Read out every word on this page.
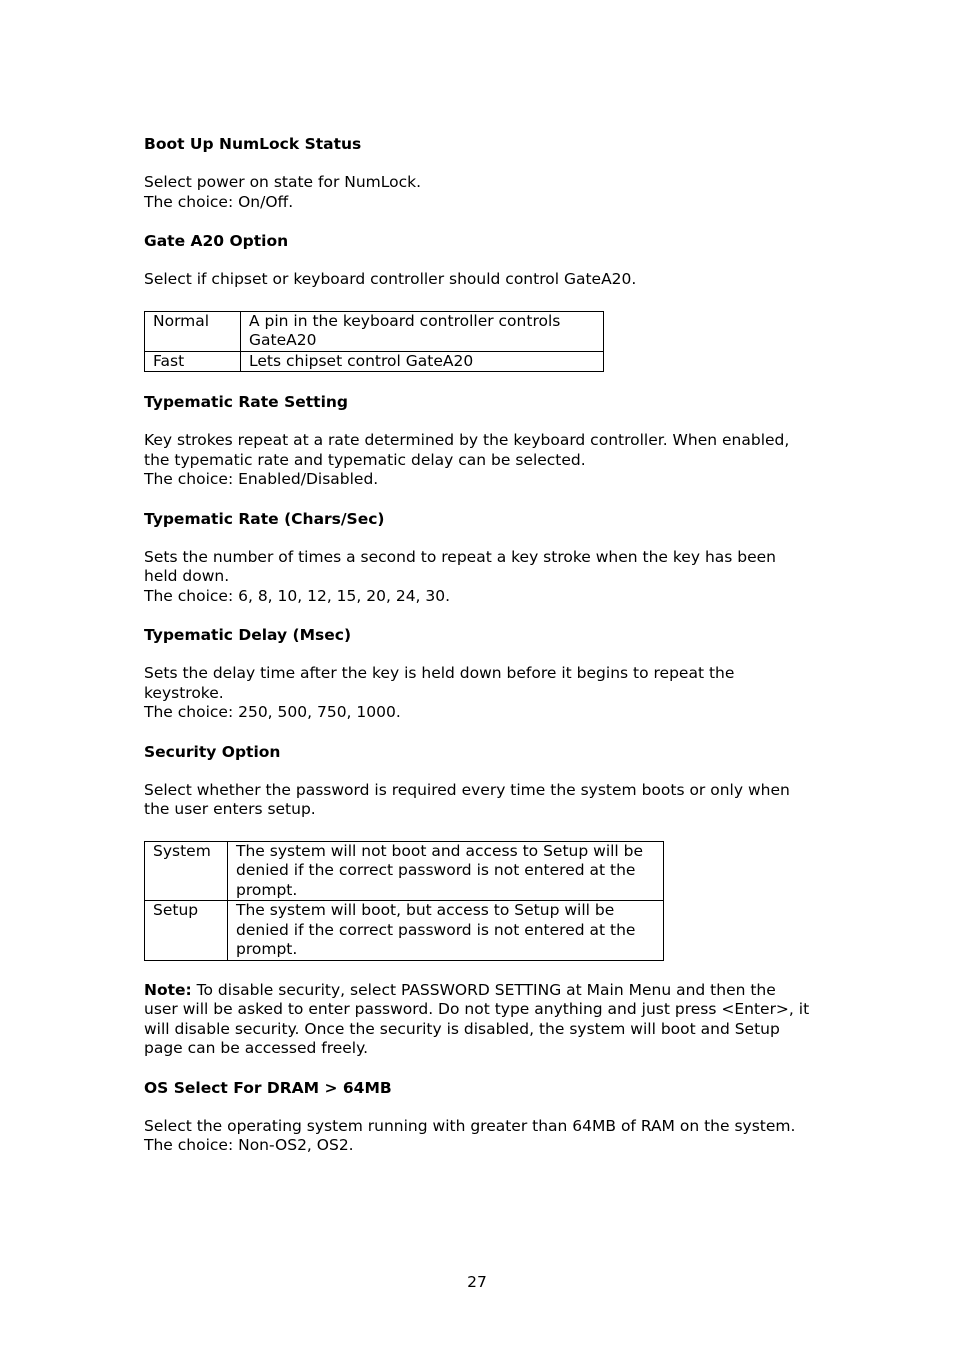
Boot Up NumLock Status
Select power on state for NumLock.
The choice: On/Off.
Gate A20 Option
Select if chipset or keyboard controller should control GateA20.
Normal	A pin in the keyboard controller controls GateA20
Fast	Lets chipset control GateA20
Typematic Rate Setting
Key strokes repeat at a rate determined by the keyboard controller. When enabled, the typematic rate and typematic delay can be selected.
The choice: Enabled/Disabled.
Typematic Rate (Chars/Sec)
Sets the number of times a second to repeat a key stroke when the key has been held down.
The choice: 6, 8, 10, 12, 15, 20, 24, 30.
Typematic Delay (Msec)
Sets the delay time after the key is held down before it begins to repeat the keystroke.
The choice: 250, 500, 750, 1000.
Security Option
Select whether the password is required every time the system boots or only when the user enters setup.
System	The system will not boot and access to Setup will be denied if the correct password is not entered at the prompt.
Setup	The system will boot, but access to Setup will be denied if the correct password is not entered at the prompt.
Note: To disable security, select PASSWORD SETTING at Main Menu and then the user will be asked to enter password. Do not type anything and just press <Enter>, it will disable security. Once the security is disabled, the system will boot and Setup page can be accessed freely.
OS Select For DRAM > 64MB
Select the operating system running with greater than 64MB of RAM on the system.
The choice: Non-OS2, OS2.
27
